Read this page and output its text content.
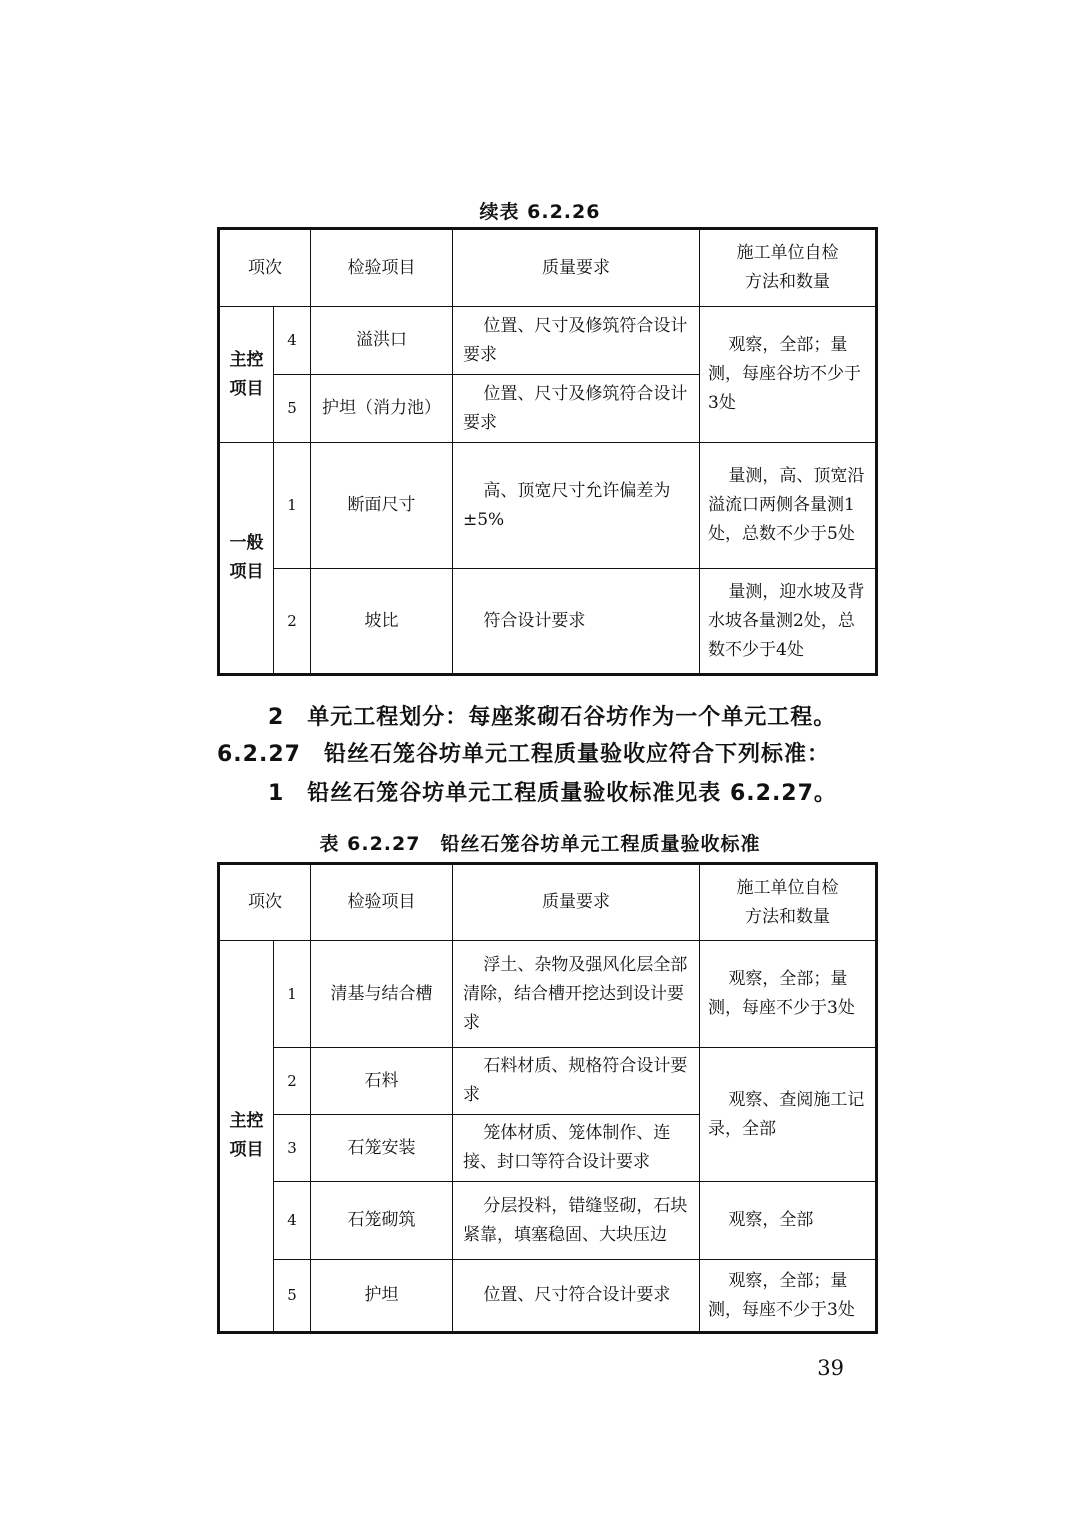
续表 6.2.26
项次		检验项目	质量要求	施工单位自检
方法和数量

主控
项目	4	溢洪口	位置、尺寸及修筑符合设计要求	观察，全部；量测，每座谷坊不少于3处
	5	护坦（消力池）	位置、尺寸及修筑符合设计要求	

一般
项目	1	断面尺寸	高、顶宽尺寸允许偏差为±5%	量测，高、顶宽沿溢流口两侧各量测1处，总数不少于5处
	2	坡比	符合设计要求	量测，迎水坡及背水坡各量测2处，总数不少于4处
2　单元工程划分：每座浆砌石谷坊作为一个单元工程。
6.2.27　铅丝石笼谷坊单元工程质量验收应符合下列标准：
1　铅丝石笼谷坊单元工程质量验收标准见表 6.2.27。
表 6.2.27　铅丝石笼谷坊单元工程质量验收标准
项次		检验项目	质量要求	施工单位自检
方法和数量

主控
项目	1	清基与结合槽	浮土、杂物及强风化层全部清除，结合槽开挖达到设计要求	观察，全部；量测，每座不少于3处
	2	石料	石料材质、规格符合设计要求	观察、查阅施工记录，全部
	3	石笼安装	笼体材质、笼体制作、连接、封口等符合设计要求	
	4	石笼砌筑	分层投料，错缝竖砌，石块紧靠，填塞稳固、大块压边	观察，全部
	5	护坦	位置、尺寸符合设计要求	观察，全部；量测，每座不少于3处
39
